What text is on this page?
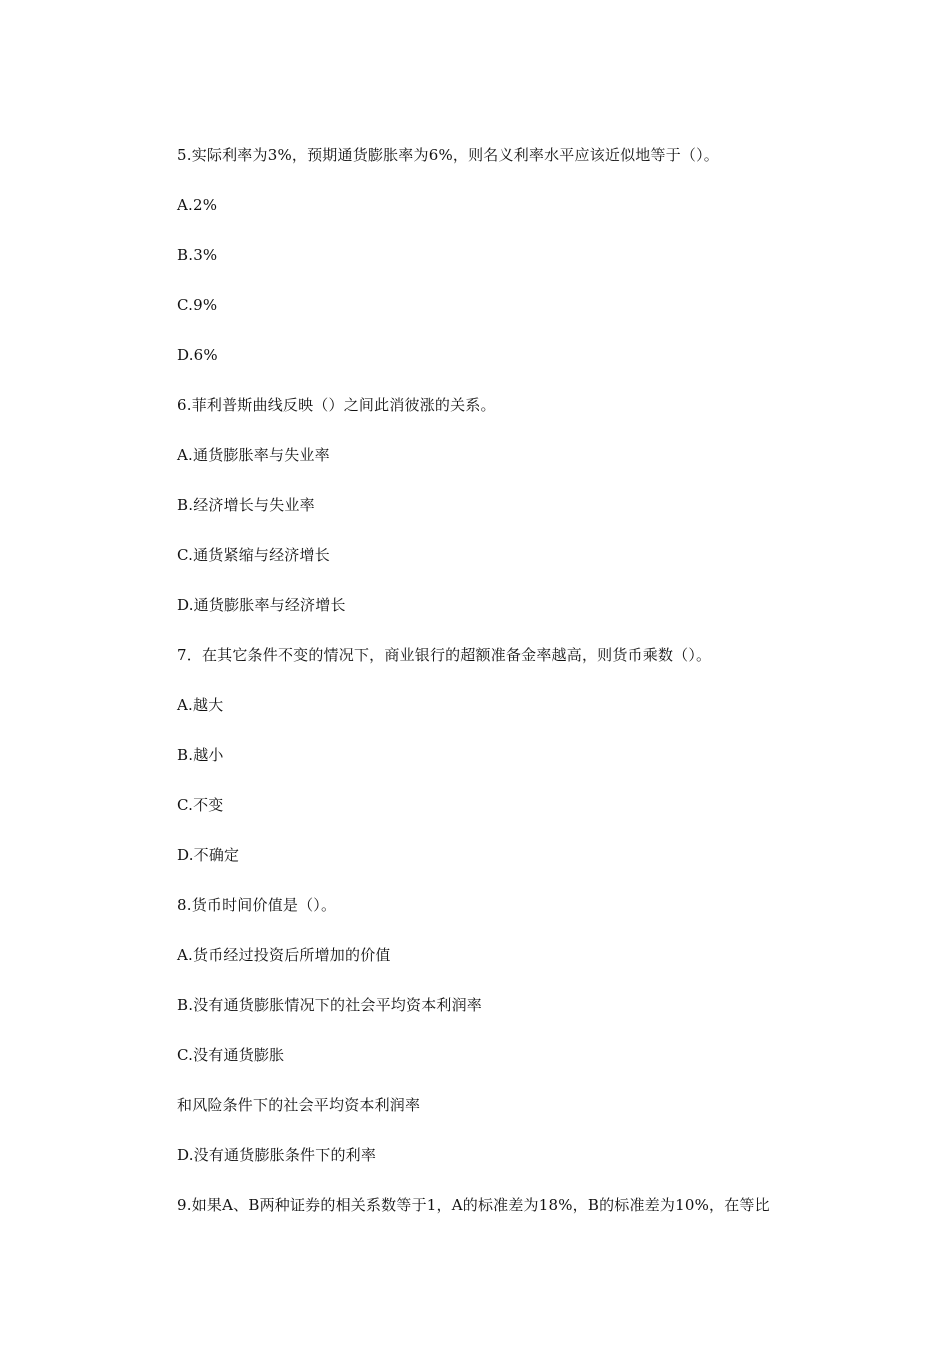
5.实际利率为3%，预期通货膨胀率为6%，则名义利率水平应该近似地等于（）。
A.2%
B.3%
C.9%
D.6%
6.菲利普斯曲线反映（）之间此消彼涨的关系。
A.通货膨胀率与失业率
B.经济增长与失业率
C.通货紧缩与经济增长
D.通货膨胀率与经济增长
7．在其它条件不变的情况下，商业银行的超额准备金率越高，则货币乘数（）。
A.越大
B.越小
C.不变
D.不确定
8.货币时间价值是（）。
A.货币经过投资后所增加的价值
B.没有通货膨胀情况下的社会平均资本利润率
C.没有通货膨胀
和风险条件下的社会平均资本利润率
D.没有通货膨胀条件下的利率
9.如果A、B两种证券的相关系数等于1，A的标准差为18%，B的标准差为10%，在等比
